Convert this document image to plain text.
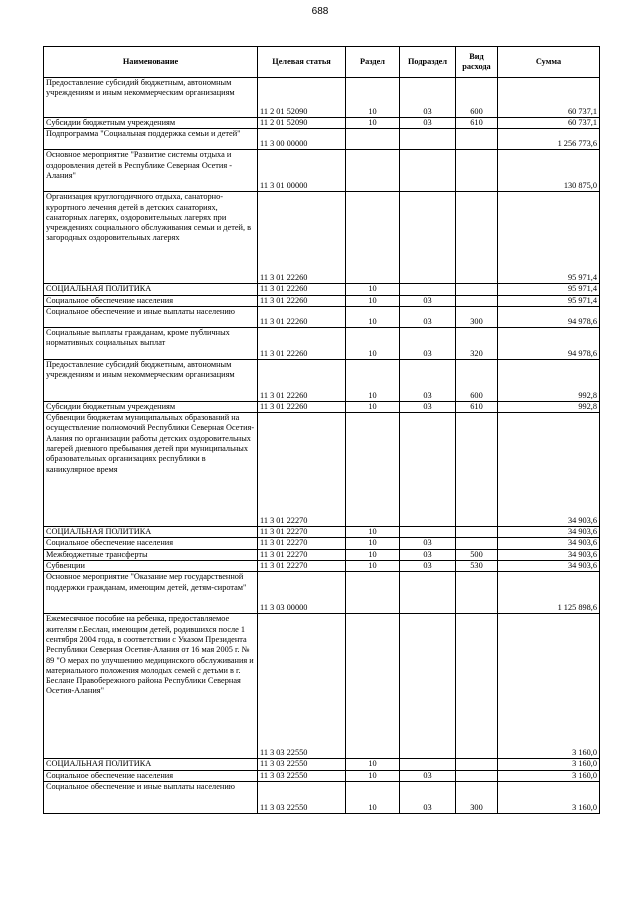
688
Наименование	Целевая статья	Раздел	Подраздел	Вид расхода	Сумма
Предоставление субсидий бюджетным, автономным учреждениям и иным некоммерческим организациям	11 2 01 52090	10	03	600	60 737,1
Субсидии бюджетным учреждениям	11 2 01 52090	10	03	610	60 737,1
Подпрограмма "Социальная поддержка семьи и детей"	11 3 00 00000				1 256 773,6
Основное мероприятие "Развитие системы отдыха и оздоровления детей в Республике Северная Осетия - Алания"	11 3 01 00000				130 875,0
Организация круглогодичного отдыха, санаторно-курортного лечения детей в детских санаториях, санаторных лагерях, оздоровительных лагерях при учреждениях социального обслуживания семьи и детей, в загородных оздоровительных лагерях	11 3 01 22260				95 971,4
СОЦИАЛЬНАЯ ПОЛИТИКА	11 3 01 22260	10			95 971,4
Социальное обеспечение населения	11 3 01 22260	10	03		95 971,4
Социальное обеспечение и иные выплаты населению	11 3 01 22260	10	03	300	94 978,6
Социальные выплаты гражданам, кроме публичных нормативных социальных выплат	11 3 01 22260	10	03	320	94 978,6
Предоставление субсидий бюджетным, автономным учреждениям и иным некоммерческим организациям	11 3 01 22260	10	03	600	992,8
Субсидии бюджетным учреждениям	11 3 01 22260	10	03	610	992,8
Субвенции бюджетам муниципальных образований на осуществление полномочий Республики Северная Осетия-Алания по организации работы детских оздоровительных лагерей дневного пребывания детей при муниципальных образовательных организациях республики в каникулярное время	11 3 01 22270				34 903,6
СОЦИАЛЬНАЯ ПОЛИТИКА	11 3 01 22270	10			34 903,6
Социальное обеспечение населения	11 3 01 22270	10	03		34 903,6
Межбюджетные трансферты	11 3 01 22270	10	03	500	34 903,6
Субвенции	11 3 01 22270	10	03	530	34 903,6
Основное мероприятие "Оказание мер государственной поддержки гражданам, имеющим детей, детям-сиротам"	11 3 03 00000				1 125 898,6
Ежемесячное пособие на ребенка, предоставляемое жителям г.Беслан, имеющим детей, родившихся после 1 сентября 2004 года, в соответствии с Указом Президента Республики Северная Осетия-Алания от 16 мая 2005 г. № 89 "О мерах по улучшению медицинского обслуживания и материального положения молодых семей с детьми в г. Беслане Правобережного района Республики Северная Осетия-Алания"	11 3 03 22550				3 160,0
СОЦИАЛЬНАЯ ПОЛИТИКА	11 3 03 22550	10			3 160,0
Социальное обеспечение населения	11 3 03 22550	10	03		3 160,0
Социальное обеспечение и иные выплаты населению	11 3 03 22550	10	03	300	3 160,0
